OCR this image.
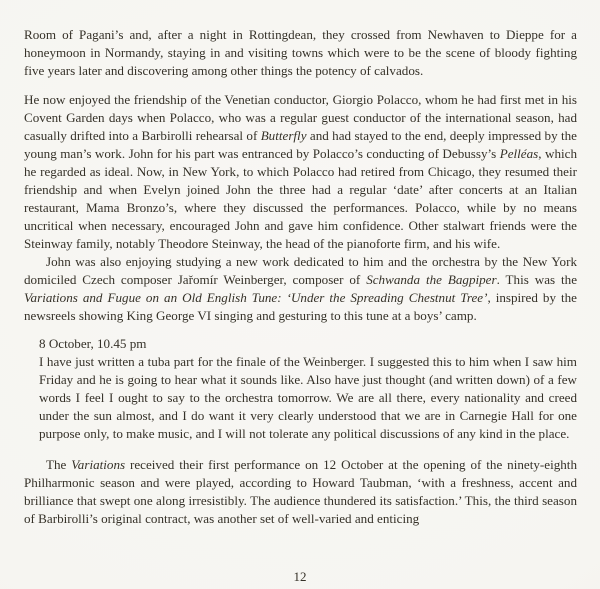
Room of Pagani’s and, after a night in Rottingdean, they crossed from Newhaven to Dieppe for a honeymoon in Normandy, staying in and visiting towns which were to be the scene of bloody fighting five years later and discovering among other things the potency of calvados.

He now enjoyed the friendship of the Venetian conductor, Giorgio Polacco, whom he had first met in his Covent Garden days when Polacco, who was a regular guest conductor of the international season, had casually drifted into a Barbirolli rehearsal of Butterfly and had stayed to the end, deeply impressed by the young man’s work. John for his part was entranced by Polacco’s conducting of Debussy’s Pelléas, which he regarded as ideal. Now, in New York, to which Polacco had retired from Chicago, they resumed their friendship and when Evelyn joined John the three had a regular ‘date’ after concerts at an Italian restaurant, Mama Bronzo’s, where they discussed the performances. Polacco, while by no means uncritical when necessary, encouraged John and gave him confidence. Other stalwart friends were the Steinway family, notably Theodore Steinway, the head of the pianoforte firm, and his wife.

John was also enjoying studying a new work dedicated to him and the orchestra by the New York domiciled Czech composer Jařomír Weinberger, composer of Schwanda the Bagpiper. This was the Variations and Fugue on an Old English Tune: ‘Under the Spreading Chestnut Tree’, inspired by the newsreels showing King George VI singing and gesturing to this tune at a boys’ camp.

8 October, 10.45 pm

I have just written a tuba part for the finale of the Weinberger. I suggested this to him when I saw him Friday and he is going to hear what it sounds like. Also have just thought (and written down) of a few words I feel I ought to say to the orchestra tomorrow. We are all there, every nationality and creed under the sun almost, and I do want it very clearly understood that we are in Carnegie Hall for one purpose only, to make music, and I will not tolerate any political discussions of any kind in the place.

The Variations received their first performance on 12 October at the opening of the ninety-eighth Philharmonic season and were played, according to Howard Taubman, ‘with a freshness, accent and brilliance that swept one along irresistibly. The audience thundered its satisfaction.’ This, the third season of Barbirolli’s original contract, was another set of well-varied and enticing

12
